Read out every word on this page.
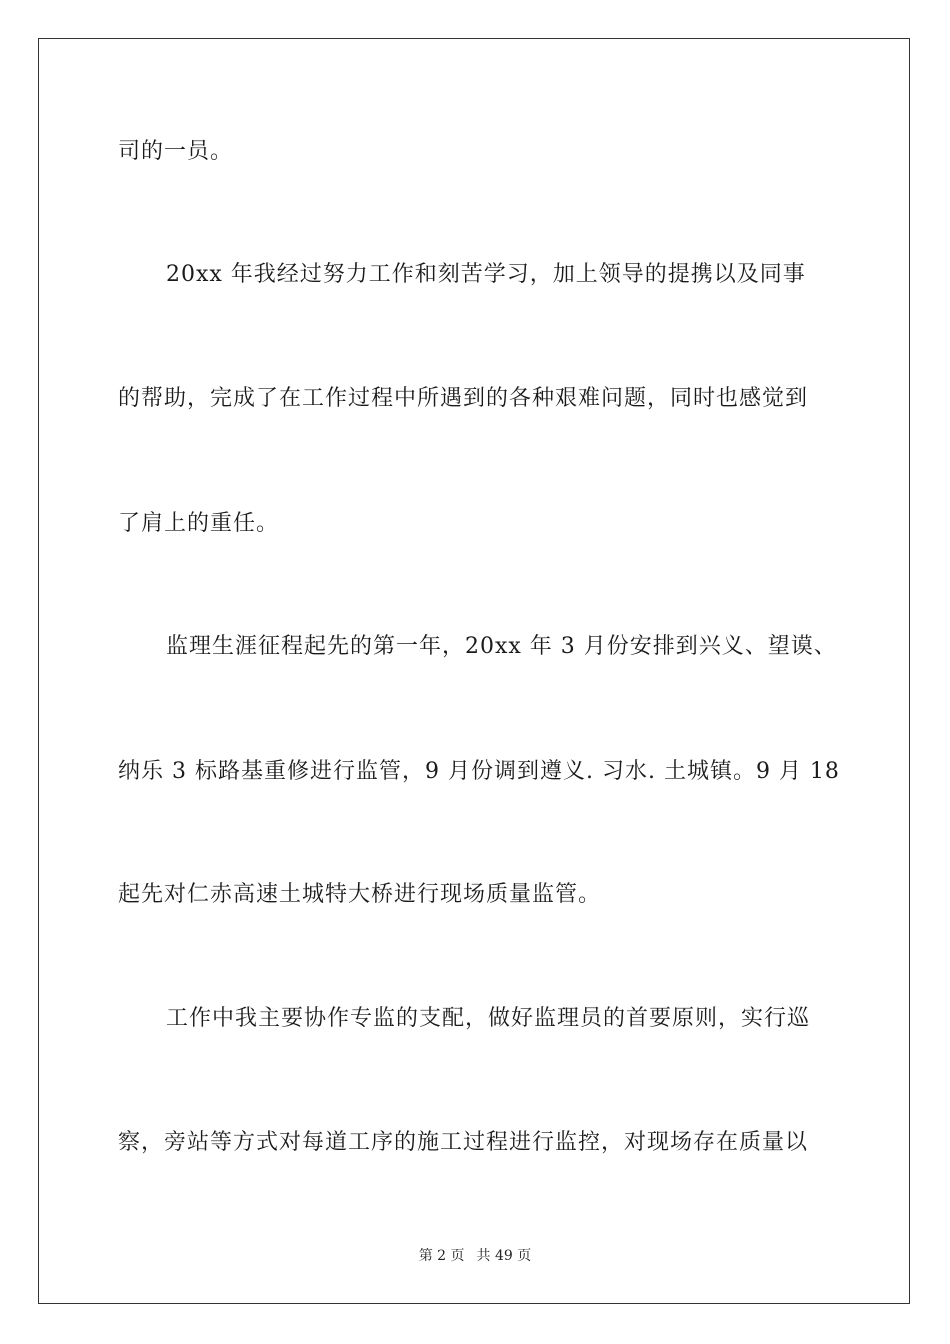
司的一员。
20xx 年我经过努力工作和刻苦学习，加上领导的提携以及同事
的帮助，完成了在工作过程中所遇到的各种艰难问题，同时也感觉到
了肩上的重任。
监理生涯征程起先的第一年，20xx 年 3 月份安排到兴义、望谟、
纳乐 3 标路基重修进行监管，9 月份调到遵义. 习水. 土城镇。9 月 18
起先对仁赤高速土城特大桥进行现场质量监管。
工作中我主要协作专监的支配，做好监理员的首要原则，实行巡
察，旁站等方式对每道工序的施工过程进行监控，对现场存在质量以
第 2 页 共 49 页
